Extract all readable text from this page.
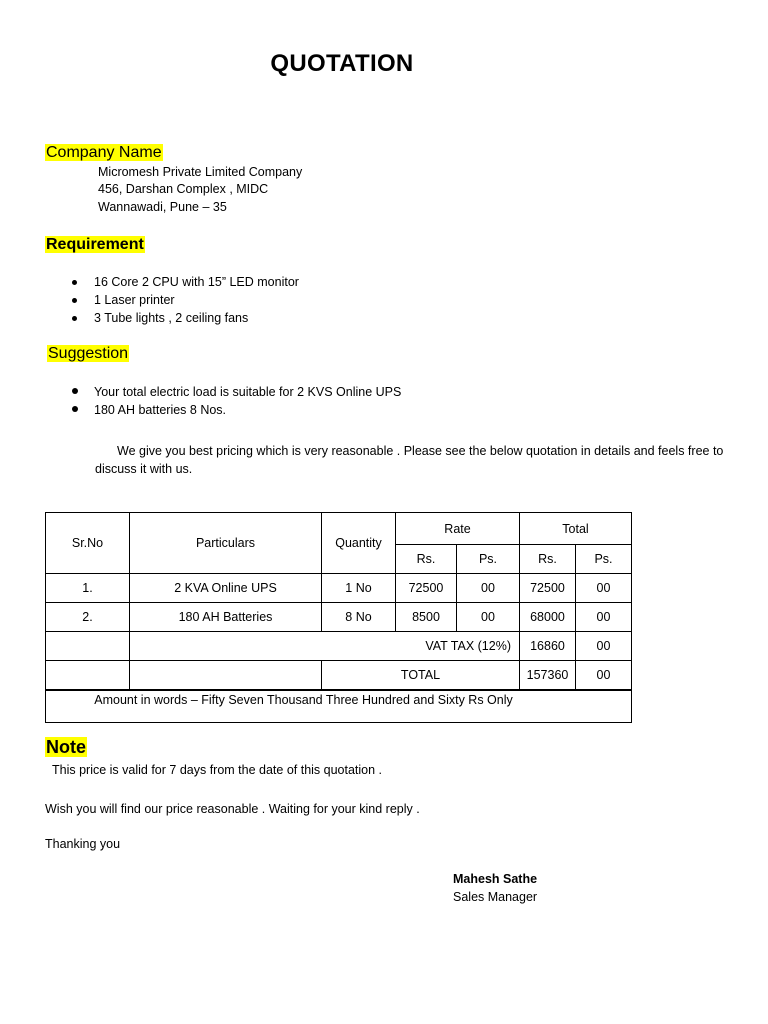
QUOTATION
Company Name
Micromesh Private Limited Company
456, Darshan Complex , MIDC
Wannawadi, Pune – 35
Requirement
16 Core 2 CPU with 15” LED monitor
1 Laser printer
3 Tube lights , 2 ceiling fans
Suggestion
Your total electric load is suitable for 2 KVS Online UPS
180 AH batteries 8 Nos.
We give you best pricing which is very reasonable . Please see the below quotation in details and feels free to discuss it with us.
Sr.No	Particulars	Quantity	Rate		Total	
			Rs.	Ps.	Rs.	Ps.
1.	2 KVA Online UPS	1 No	72500	00	72500	00
2.	180 AH Batteries	8 No	8500	00	68000	00
	VAT TAX (12%)				16860	00
		TOTAL			157360	00
Amount in words – Fifty Seven Thousand Three Hundred and Sixty Rs Only						
Note
This price is valid for 7 days from the date of this quotation .
Wish you will find our price reasonable . Waiting for your kind reply .
Thanking you
Mahesh Sathe
Sales Manager
